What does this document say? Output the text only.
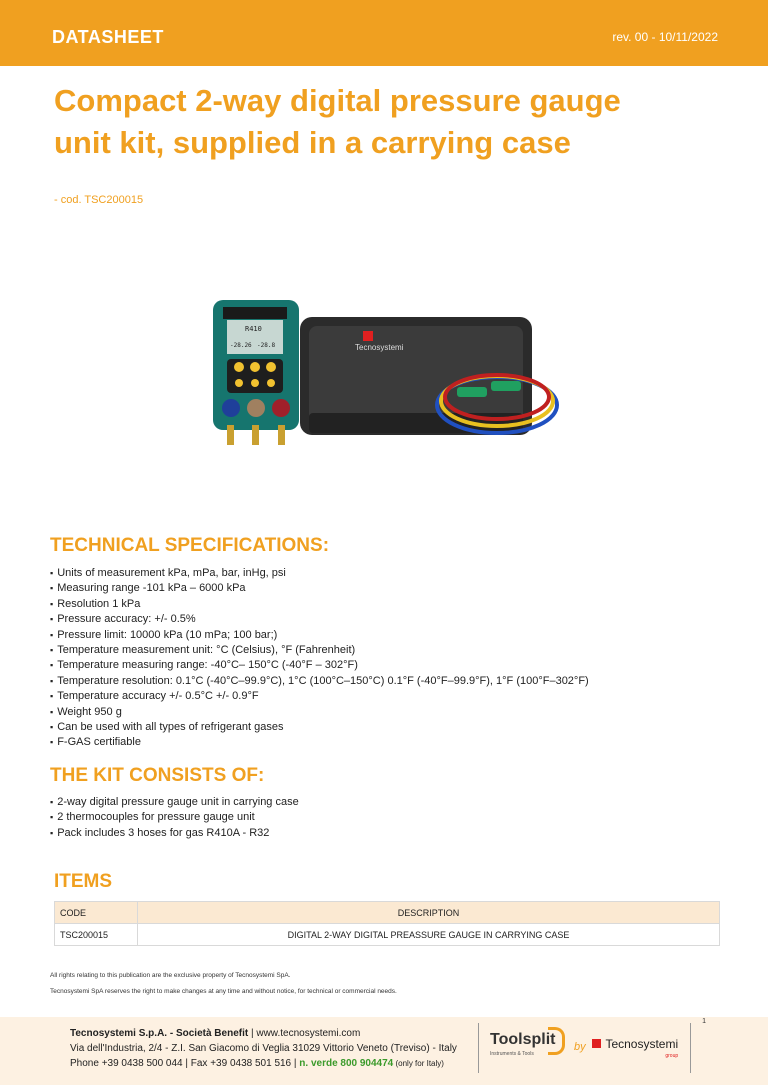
DATASHEET	rev. 00 - 10/11/2022
Compact 2-way digital pressure gauge
unit kit, supplied in a carrying case
- cod. TSC200015
Tecnosystemi
R410
-28.26 -28.8
TECHNICAL SPECIFICATIONS:
▪ Units of measurement kPa, mPa, bar, inHg, psi
▪ Measuring range -101 kPa – 6000 kPa
▪ Resolution 1 kPa
▪ Pressure accuracy: +/- 0.5%
▪ Pressure limit: 10000 kPa (10 mPa; 100 bar;)
▪ Temperature measurement unit: °C (Celsius), °F (Fahrenheit)
▪ Temperature measuring range: -40°C– 150°C (-40°F – 302°F)
▪ Temperature resolution: 0.1°C (-40°C–99.9°C), 1°C (100°C–150°C) 0.1°F (-40°F–99.9°F), 1°F (100°F–302°F)
▪ Temperature accuracy +/- 0.5°C +/- 0.9°F
▪ Weight 950 g
▪ Can be used with all types of refrigerant gases
▪ F-GAS certifiable
THE KIT CONSISTS OF:
▪ 2-way digital pressure gauge unit in carrying case
▪ 2 thermocouples for pressure gauge unit
▪ Pack includes 3 hoses for gas R410A - R32
ITEMS
CODE	DESCRIPTION
TSC200015	DIGITAL 2-WAY DIGITAL PREASSURE GAUGE IN CARRYING CASE
All rights relating to this publication are the exclusive property of Tecnosystemi SpA.
Tecnosystemi SpA reserves the right to make changes at any time and without notice, for technical or commercial needs.
Tecnosystemi S.p.A. - Società Benefit | www.tecnosystemi.com
Via dell'Industria, 2/4 - Z.I. San Giacomo di Veglia 31029 Vittorio Veneto (Treviso) - Italy
Phone +39 0438 500 044 | Fax +39 0438 501 516 | n. verde 800 904474 (only for Italy)
Toolsplit
Instruments & Tools
by	Tecnosystemi
group
1
